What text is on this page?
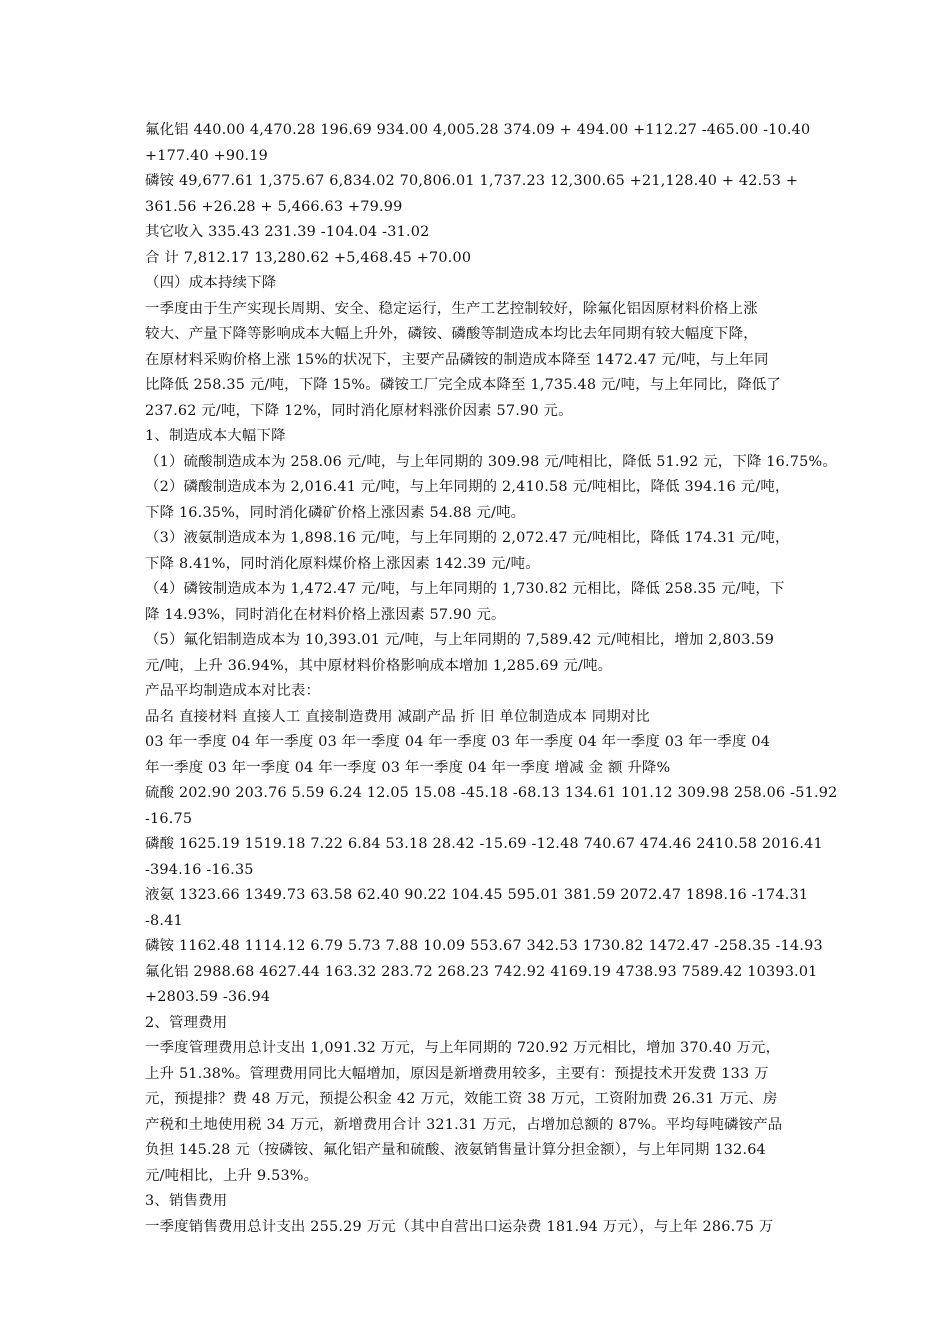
氟化铝 440.00 4,470.28 196.69 934.00 4,005.28 374.09 + 494.00 +112.27 -465.00 -10.40
+177.40 +90.19
磷铵 49,677.61 1,375.67 6,834.02 70,806.01 1,737.23 12,300.65 +21,128.40 + 42.53 +
361.56 +26.28 + 5,466.63 +79.99
其它收入 335.43 231.39 -104.04 -31.02
合 计 7,812.17 13,280.62 +5,468.45 +70.00
（四）成本持续下降
一季度由于生产实现长周期、安全、稳定运行，生产工艺控制较好，除氟化铝因原材料价格上涨
较大、产量下降等影响成本大幅上升外，磷铵、磷酸等制造成本均比去年同期有较大幅度下降，
在原材料采购价格上涨 15%的状况下，主要产品磷铵的制造成本降至 1472.47 元/吨，与上年同
比降低 258.35 元/吨，下降 15%。磷铵工厂完全成本降至 1,735.48 元/吨，与上年同比，降低了
237.62 元/吨，下降 12%，同时消化原材料涨价因素 57.90 元。
1、制造成本大幅下降
（1）硫酸制造成本为 258.06 元/吨，与上年同期的 309.98 元/吨相比，降低 51.92 元，下降 16.75%。
（2）磷酸制造成本为 2,016.41 元/吨，与上年同期的 2,410.58 元/吨相比，降低 394.16 元/吨，
下降 16.35%，同时消化磷矿价格上涨因素 54.88 元/吨。
（3）液氨制造成本为 1,898.16 元/吨，与上年同期的 2,072.47 元/吨相比，降低 174.31 元/吨，
下降 8.41%，同时消化原料煤价格上涨因素 142.39 元/吨。
（4）磷铵制造成本为 1,472.47 元/吨，与上年同期的 1,730.82 元相比，降低 258.35 元/吨，下
降 14.93%，同时消化在材料价格上涨因素 57.90 元。
（5）氟化铝制造成本为 10,393.01 元/吨，与上年同期的 7,589.42 元/吨相比，增加 2,803.59
元/吨，上升 36.94%，其中原材料价格影响成本增加 1,285.69 元/吨。
产品平均制造成本对比表：
品名 直接材料 直接人工 直接制造费用 减副产品 折 旧 单位制造成本 同期对比
03 年一季度 04 年一季度 03 年一季度 04 年一季度 03 年一季度 04 年一季度 03 年一季度 04
年一季度 03 年一季度 04 年一季度 03 年一季度 04 年一季度 增减 金 额 升降%
硫酸 202.90 203.76 5.59 6.24 12.05 15.08 -45.18 -68.13 134.61 101.12 309.98 258.06 -51.92
-16.75
磷酸 1625.19 1519.18 7.22 6.84 53.18 28.42 -15.69 -12.48 740.67 474.46 2410.58 2016.41
-394.16 -16.35
液氨 1323.66 1349.73 63.58 62.40 90.22 104.45 595.01 381.59 2072.47 1898.16 -174.31
-8.41
磷铵 1162.48 1114.12 6.79 5.73 7.88 10.09 553.67 342.53 1730.82 1472.47 -258.35 -14.93
氟化铝 2988.68 4627.44 163.32 283.72 268.23 742.92 4169.19 4738.93 7589.42 10393.01
+2803.59 -36.94
2、管理费用
一季度管理费用总计支出 1,091.32 万元，与上年同期的 720.92 万元相比，增加 370.40 万元，
上升 51.38%。管理费用同比大幅增加，原因是新增费用较多，主要有：预提技术开发费 133 万
元，预提排？费 48 万元，预提公积金 42 万元，效能工资 38 万元，工资附加费 26.31 万元、房
产税和土地使用税 34 万元，新增费用合计 321.31 万元，占增加总额的 87%。平均每吨磷铵产品
负担 145.28 元（按磷铵、氟化铝产量和硫酸、液氨销售量计算分担金额），与上年同期 132.64
元/吨相比，上升 9.53%。
3、销售费用
一季度销售费用总计支出 255.29 万元（其中自营出口运杂费 181.94 万元），与上年 286.75 万
